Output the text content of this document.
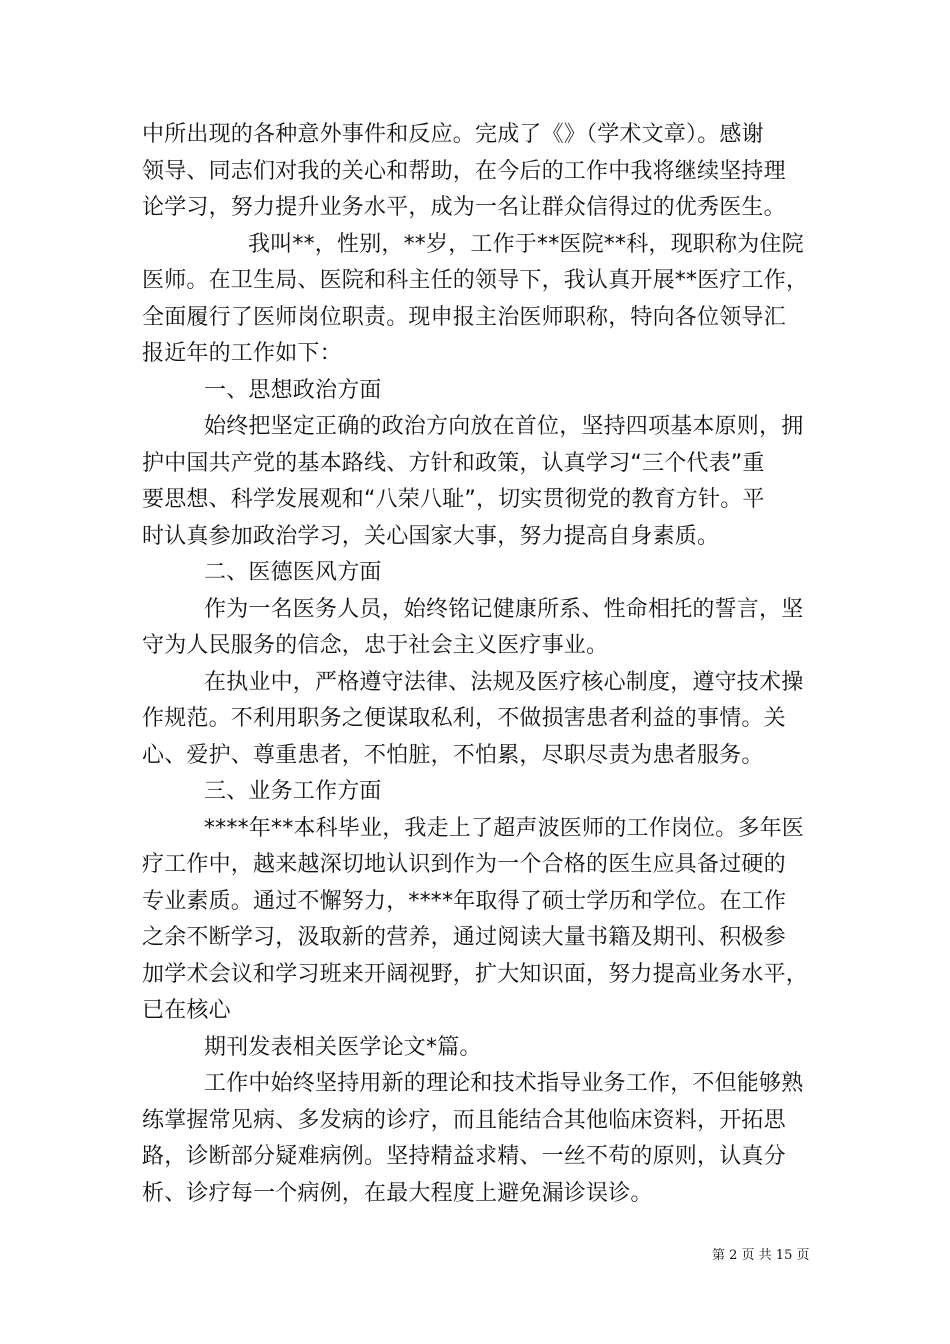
中所出现的各种意外事件和反应。完成了《》（学术文章）。感谢
领导、同志们对我的关心和帮助，在今后的工作中我将继续坚持理
论学习，努力提升业务水平，成为一名让群众信得过的优秀医生。
我叫**，性别，**岁，工作于**医院**科，现职称为住院
医师。在卫生局、医院和科主任的领导下，我认真开展**医疗工作，
全面履行了医师岗位职责。现申报主治医师职称，特向各位领导汇
报近年的工作如下：
一、思想政治方面
始终把坚定正确的政治方向放在首位，坚持四项基本原则，拥
护中国共产党的基本路线、方针和政策，认真学习“三个代表”重
要思想、科学发展观和“八荣八耻”，切实贯彻党的教育方针。平
时认真参加政治学习，关心国家大事，努力提高自身素质。
二、医德医风方面
作为一名医务人员，始终铭记健康所系、性命相托的誓言，坚
守为人民服务的信念，忠于社会主义医疗事业。
在执业中，严格遵守法律、法规及医疗核心制度，遵守技术操
作规范。不利用职务之便谋取私利，不做损害患者利益的事情。关
心、爱护、尊重患者，不怕脏，不怕累，尽职尽责为患者服务。
三、业务工作方面
****年**本科毕业，我走上了超声波医师的工作岗位。多年医
疗工作中，越来越深切地认识到作为一个合格的医生应具备过硬的
专业素质。通过不懈努力，****年取得了硕士学历和学位。在工作
之余不断学习，汲取新的营养，通过阅读大量书籍及期刊、积极参
加学术会议和学习班来开阔视野，扩大知识面，努力提高业务水平，
已在核心
期刊发表相关医学论文*篇。
工作中始终坚持用新的理论和技术指导业务工作，不但能够熟
练掌握常见病、多发病的诊疗，而且能结合其他临床资料，开拓思
路，诊断部分疑难病例。坚持精益求精、一丝不苟的原则，认真分
析、诊疗每一个病例，在最大程度上避免漏诊误诊。
第 2 页 共 15 页
